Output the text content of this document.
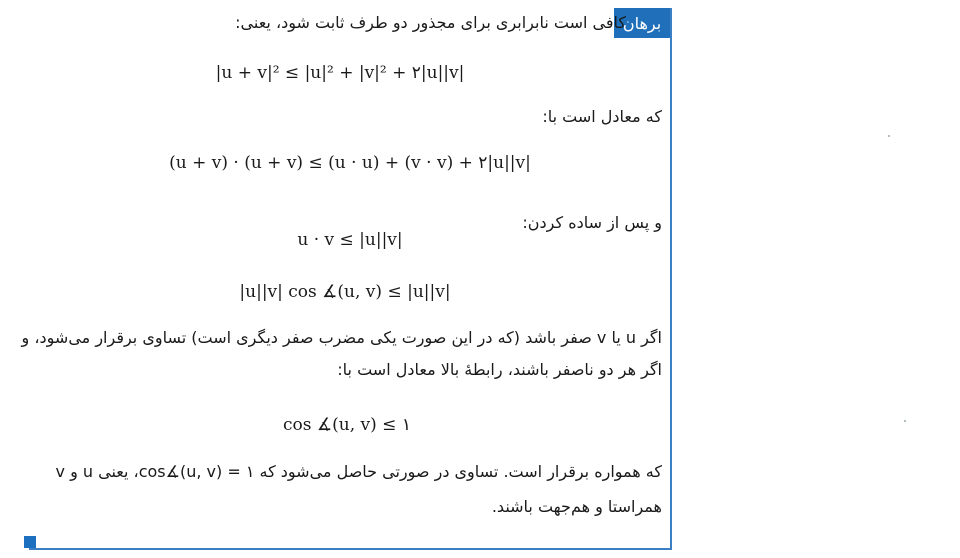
برهان
کافی است نابرابری برای مجذور دو طرف ثابت شود، یعنی:
|u + v|² ≤ |u|² + |v|² + ۲|u||v|
که معادل است با:
(u + v) · (u + v) ≤ (u · u) + (v · v) + ۲|u||v|
و پس از ساده کردن:
u · v ≤ |u||v|
|u||v| cos ∡(u, v) ≤ |u||v|
اگر u یا v صفر باشد (که در این صورت یکی مضرب صفر دیگری است) تساوی برقرار می‌شود، و
اگر هر دو ناصفر باشند، رابطهٔ بالا معادل است با:
cos ∡(u, v) ≤ ۱
که همواره برقرار است. تساوی در صورتی حاصل می‌شود که cos∡(u, v) = ۱، یعنی u و v
همراستا و هم‌جهت باشند.
